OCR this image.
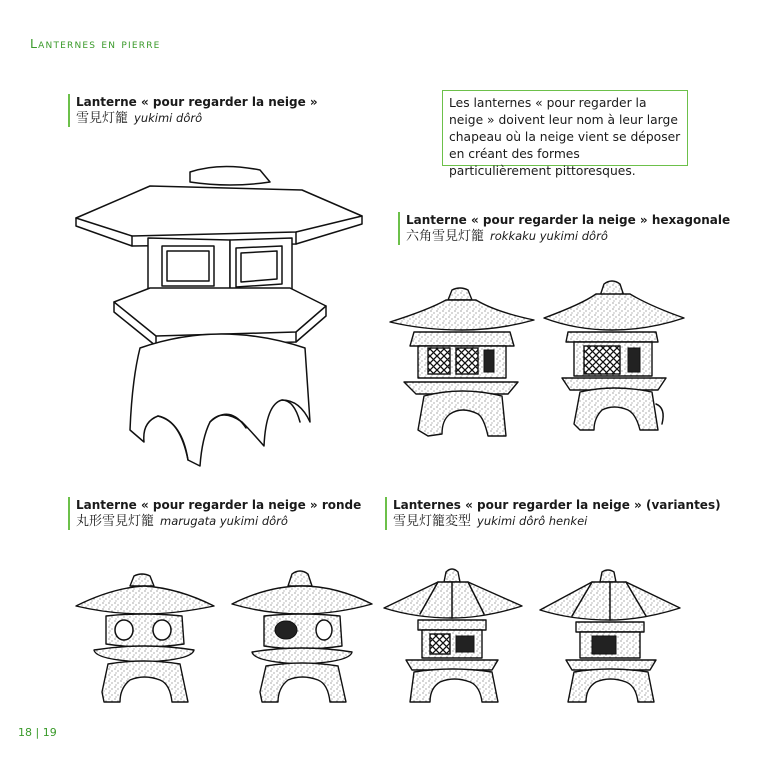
Lanternes en pierre
Lanterne « pour regarder la neige »
雪見灯籠 yukimi dôrô
Les lanternes « pour regarder la neige » doivent leur nom à leur large chapeau où la neige vient se déposer en créant des formes particulièrement pittoresques.
Lanterne « pour regarder la neige » hexagonale
六角雪見灯籠 rokkaku yukimi dôrô
Lanterne « pour regarder la neige » ronde
丸形雪見灯籠 marugata yukimi dôrô
Lanternes « pour regarder la neige » (variantes)
雪見灯籠変型 yukimi dôrô henkei
18 | 19
